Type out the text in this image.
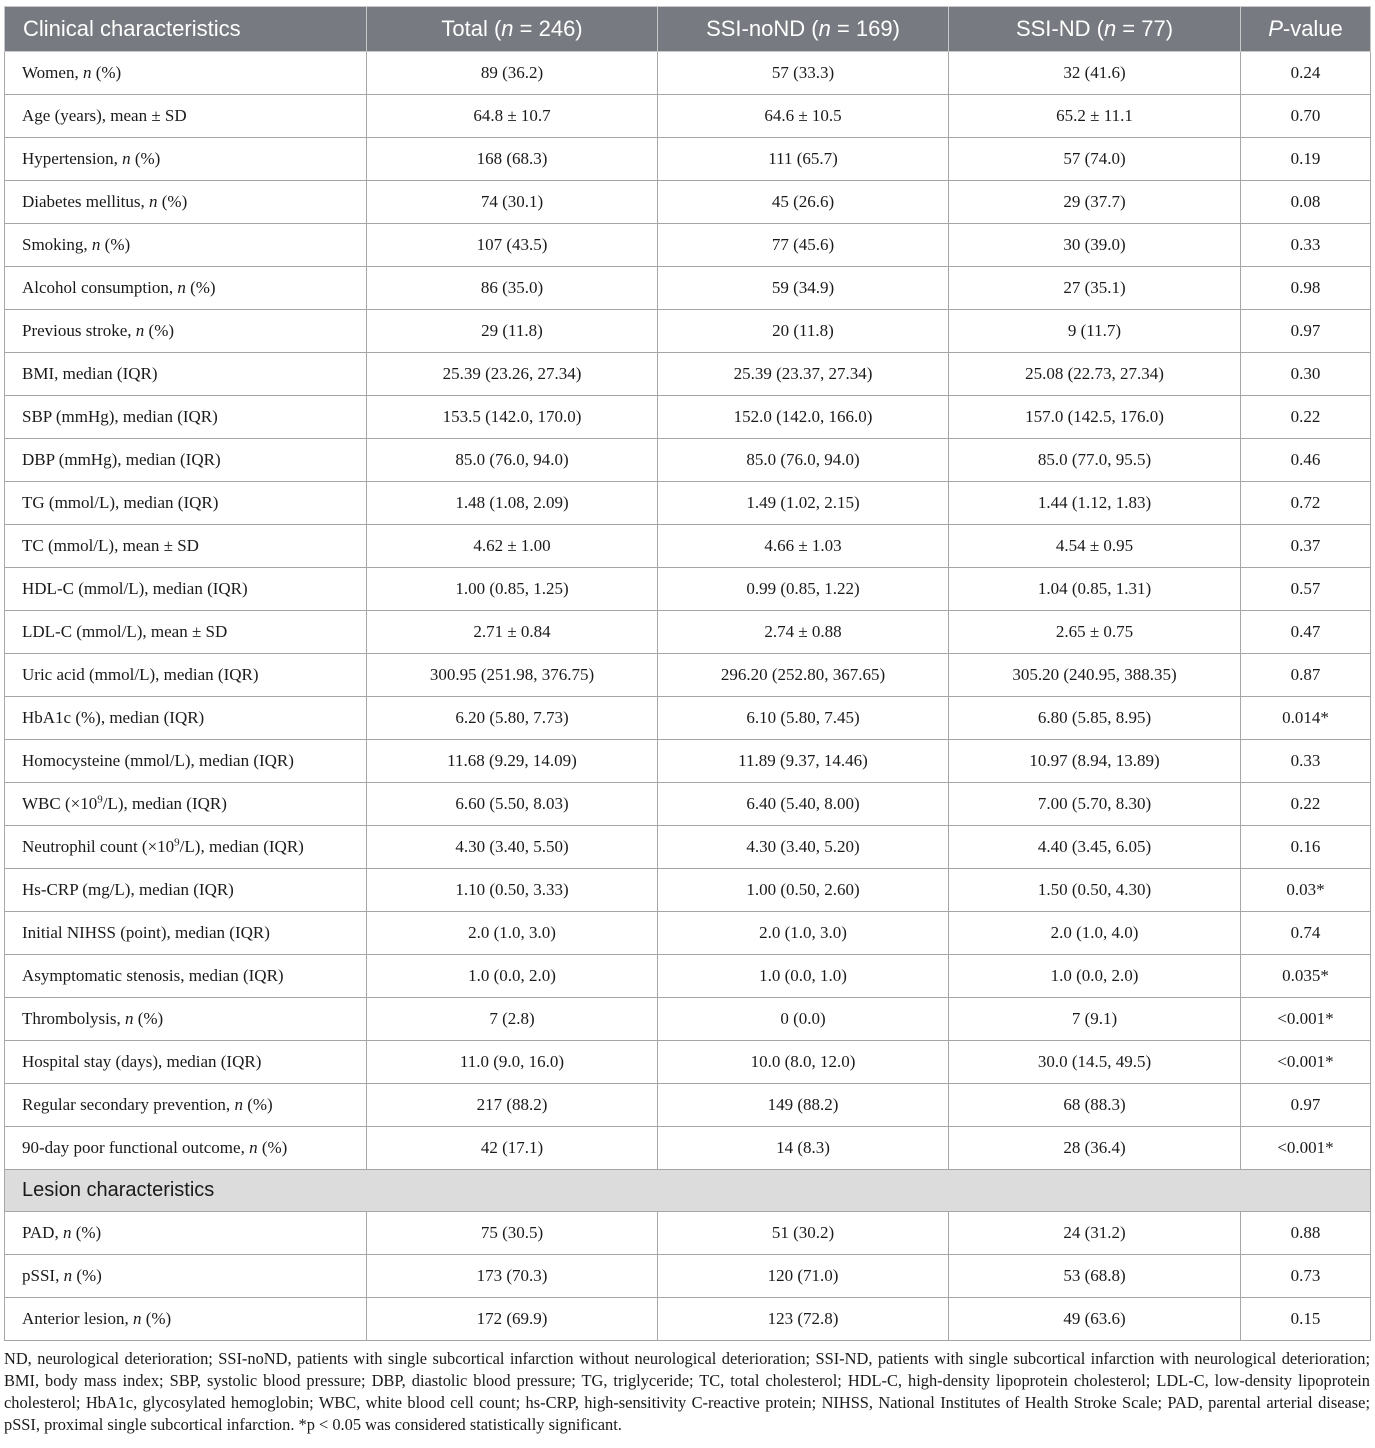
Clinical characteristics	Total (n = 246)	SSI-noND (n = 169)	SSI-ND (n = 77)	P-value
Women, n (%)	89 (36.2)	57 (33.3)	32 (41.6)	0.24
Age (years), mean ± SD	64.8 ± 10.7	64.6 ± 10.5	65.2 ± 11.1	0.70
Hypertension, n (%)	168 (68.3)	111 (65.7)	57 (74.0)	0.19
Diabetes mellitus, n (%)	74 (30.1)	45 (26.6)	29 (37.7)	0.08
Smoking, n (%)	107 (43.5)	77 (45.6)	30 (39.0)	0.33
Alcohol consumption, n (%)	86 (35.0)	59 (34.9)	27 (35.1)	0.98
Previous stroke, n (%)	29 (11.8)	20 (11.8)	9 (11.7)	0.97
BMI, median (IQR)	25.39 (23.26, 27.34)	25.39 (23.37, 27.34)	25.08 (22.73, 27.34)	0.30
SBP (mmHg), median (IQR)	153.5 (142.0, 170.0)	152.0 (142.0, 166.0)	157.0 (142.5, 176.0)	0.22
DBP (mmHg), median (IQR)	85.0 (76.0, 94.0)	85.0 (76.0, 94.0)	85.0 (77.0, 95.5)	0.46
TG (mmol/L), median (IQR)	1.48 (1.08, 2.09)	1.49 (1.02, 2.15)	1.44 (1.12, 1.83)	0.72
TC (mmol/L), mean ± SD	4.62 ± 1.00	4.66 ± 1.03	4.54 ± 0.95	0.37
HDL-C (mmol/L), median (IQR)	1.00 (0.85, 1.25)	0.99 (0.85, 1.22)	1.04 (0.85, 1.31)	0.57
LDL-C (mmol/L), mean ± SD	2.71 ± 0.84	2.74 ± 0.88	2.65 ± 0.75	0.47
Uric acid (mmol/L), median (IQR)	300.95 (251.98, 376.75)	296.20 (252.80, 367.65)	305.20 (240.95, 388.35)	0.87
HbA1c (%), median (IQR)	6.20 (5.80, 7.73)	6.10 (5.80, 7.45)	6.80 (5.85, 8.95)	0.014*
Homocysteine (mmol/L), median (IQR)	11.68 (9.29, 14.09)	11.89 (9.37, 14.46)	10.97 (8.94, 13.89)	0.33
WBC $(\times 10^9/L)$, median (IQR)	6.60 (5.50, 8.03)	6.40 (5.40, 8.00)	7.00 (5.70, 8.30)	0.22
Neutrophil count $(\times 10^9/L)$, median (IQR)	4.30 (3.40, 5.50)	4.30 (3.40, 5.20)	4.40 (3.45, 6.05)	0.16
Hs-CRP (mg/L), median (IQR)	1.10 (0.50, 3.33)	1.00 (0.50, 2.60)	1.50 (0.50, 4.30)	0.03*
Initial NIHSS (point), median (IQR)	2.0 (1.0, 3.0)	2.0 (1.0, 3.0)	2.0 (1.0, 4.0)	0.74
Asymptomatic stenosis, median (IQR)	1.0 (0.0, 2.0)	1.0 (0.0, 1.0)	1.0 (0.0, 2.0)	0.035*
Thrombolysis, n (%)	7 (2.8)	0 (0.0)	7 (9.1)	<0.001*
Hospital stay (days), median (IQR)	11.0 (9.0, 16.0)	10.0 (8.0, 12.0)	30.0 (14.5, 49.5)	<0.001*
Regular secondary prevention, n (%)	217 (88.2)	149 (88.2)	68 (88.3)	0.97
90-day poor functional outcome, n (%)	42 (17.1)	14 (8.3)	28 (36.4)	<0.001*
Lesion characteristics				
PAD, n (%)	75 (30.5)	51 (30.2)	24 (31.2)	0.88
pSSI, n (%)	173 (70.3)	120 (71.0)	53 (68.8)	0.73
Anterior lesion, n (%)	172 (69.9)	123 (72.8)	49 (63.6)	0.15

ND, neurological deterioration; SSI-noND, patients with single subcortical infarction without neurological deterioration; SSI-ND, patients with single subcortical infarction with neurological deterioration; BMI, body mass index; SBP, systolic blood pressure; DBP, diastolic blood pressure; TG, triglyceride; TC, total cholesterol; HDL-C, high-density lipoprotein cholesterol; LDL-C, low-density lipoprotein cholesterol; HbA1c, glycosylated hemoglobin; WBC, white blood cell count; hs-CRP, high-sensitivity C-reactive protein; NIHSS, National Institutes of Health Stroke Scale; PAD, parental arterial disease; pSSI, proximal single subcortical infarction. *p < 0.05 was considered statistically significant.
